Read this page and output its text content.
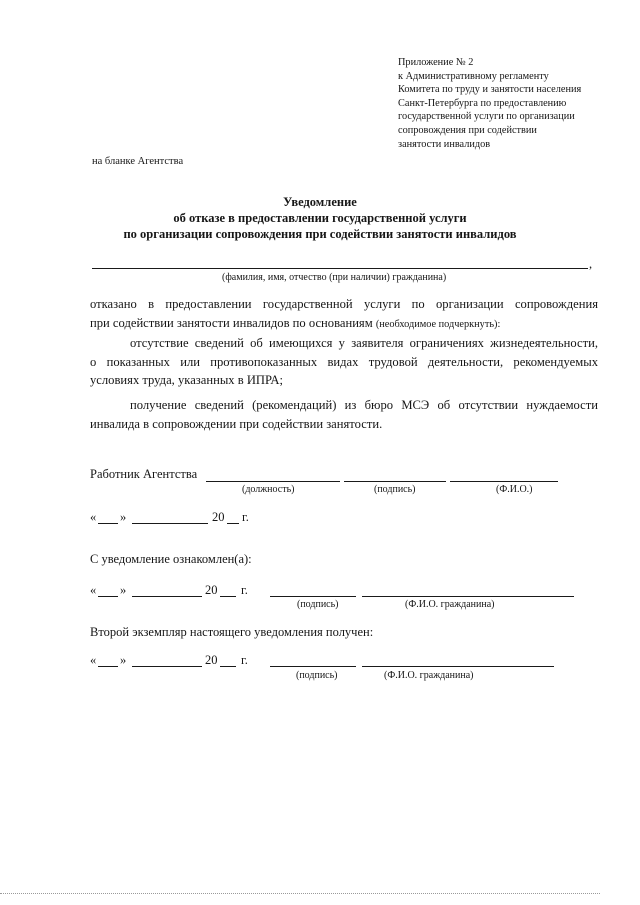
Приложение № 2
к Административному регламенту
Комитета по труду и занятости населения
Санкт-Петербурга по предоставлению
государственной услуги по организации
сопровождения при содействии
занятости инвалидов
на бланке Агентства
Уведомление
об отказе в предоставлении государственной услуги
по организации сопровождения при содействии занятости инвалидов
,
(фамилия, имя, отчество (при наличии) гражданина)
отказано в предоставлении государственной услуги по организации сопровождения
при содействии занятости инвалидов по основаниям (необходимое подчеркнуть):
отсутствие сведений об имеющихся у заявителя ограничениях жизнедеятельности,
о показанных или противопоказанных видах трудовой деятельности, рекомендуемых
условиях труда, указанных в ИПРА;
получение сведений (рекомендаций) из бюро МСЭ об отсутствии нуждаемости
инвалида в сопровождении при содействии занятости.
Работник Агентства
(должность)	(подпись)	(Ф.И.О.)
« »	20 г.
С уведомление ознакомлен(а):
« »	20 г.
(подпись)	(Ф.И.О. гражданина)
Второй экземпляр настоящего уведомления получен:
« »	20 г.
(подпись)	(Ф.И.О. гражданина)
